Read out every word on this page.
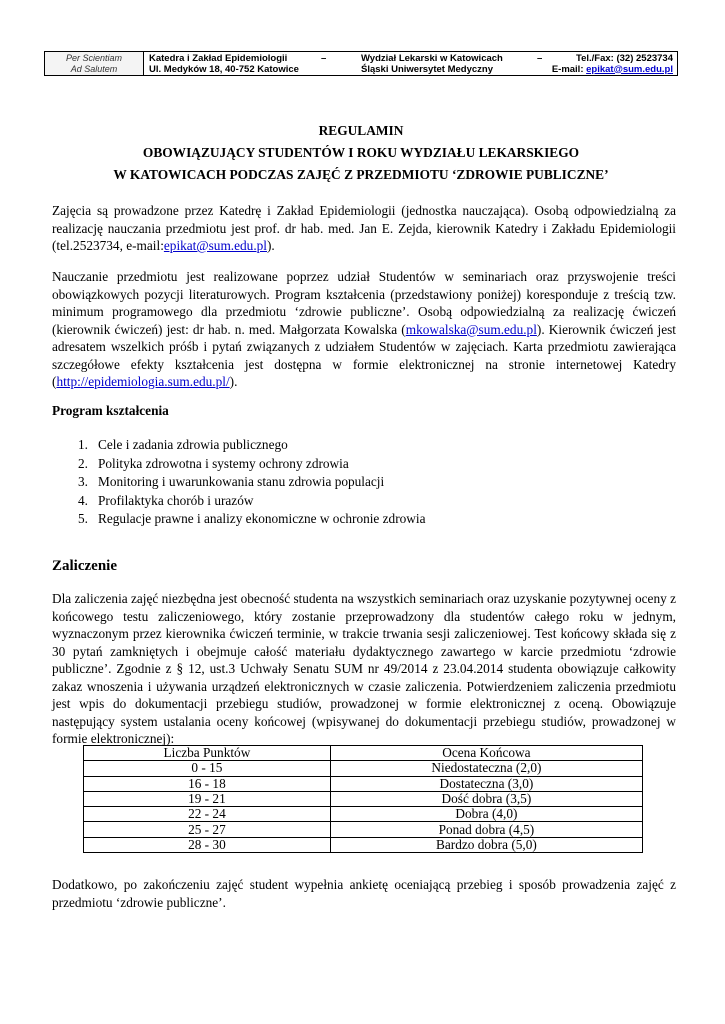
Per Scientiam
Ad Salutem
Katedra i Zakład Epidemiologii	–	Wydział Lekarski w Katowicach	–	Tel./Fax: (32) 2523734
Ul. Medyków 18, 40-752 Katowice	Śląski Uniwersytet Medyczny	E-mail: epikat@sum.edu.pl
REGULAMIN
OBOWIĄZUJĄCY STUDENTÓW I ROKU WYDZIAŁU LEKARSKIEGO
W KATOWICACH PODCZAS ZAJĘĆ Z PRZEDMIOTU ‘ZDROWIE PUBLICZNE’

Zajęcia są prowadzone przez Katedrę i Zakład Epidemiologii (jednostka nauczająca). Osobą odpowiedzialną za realizację nauczania przedmiotu jest prof. dr hab. med. Jan E. Zejda, kierownik Katedry i Zakładu Epidemiologii (tel.2523734, e-mail:epikat@sum.edu.pl).

Nauczanie przedmiotu jest realizowane poprzez udział Studentów w seminariach oraz przyswojenie treści obowiązkowych pozycji literaturowych. Program kształcenia (przedstawiony poniżej) koresponduje z treścią tzw. minimum programowego dla przedmiotu ‘zdrowie publiczne’. Osobą odpowiedzialną za realizację ćwiczeń (kierownik ćwiczeń) jest: dr hab. n. med. Małgorzata Kowalska (mkowalska@sum.edu.pl). Kierownik ćwiczeń jest adresatem wszelkich próśb i pytań związanych z udziałem Studentów w zajęciach. Karta przedmiotu zawierająca szczegółowe efekty kształcenia jest dostępna w formie elektronicznej na stronie internetowej Katedry (http://epidemiologia.sum.edu.pl/).

Program kształcenia
1. Cele i zadania zdrowia publicznego
2. Polityka zdrowotna i systemy ochrony zdrowia
3. Monitoring i uwarunkowania stanu zdrowia populacji
4. Profilaktyka chorób i urazów
5. Regulacje prawne i analizy ekonomiczne w ochronie zdrowia
Zaliczenie

Dla zaliczenia zajęć niezbędna jest obecność studenta na wszystkich seminariach oraz uzyskanie pozytywnej oceny z końcowego testu zaliczeniowego, który zostanie przeprowadzony dla studentów całego roku w jednym, wyznaczonym przez kierownika ćwiczeń terminie, w trakcie trwania sesji zaliczeniowej. Test końcowy składa się z 30 pytań zamkniętych i obejmuje całość materiału dydaktycznego zawartego w karcie przedmiotu ‘zdrowie publiczne’. Zgodnie z § 12, ust.3 Uchwały Senatu SUM nr 49/2014 z 23.04.2014 studenta obowiązuje całkowity zakaz wnoszenia i używania urządzeń elektronicznych w czasie zaliczenia. Potwierdzeniem zaliczenia przedmiotu jest wpis do dokumentacji przebiegu studiów, prowadzonej w formie elektronicznej z oceną. Obowiązuje następujący system ustalania oceny końcowej (wpisywanej do dokumentacji przebiegu studiów, prowadzonej w formie elektronicznej):

Liczba Punktów	Ocena Końcowa
0 - 15	Niedostateczna (2,0)
16 - 18	Dostateczna (3,0)
19 - 21	Dość dobra (3,5)
22 - 24	Dobra (4,0)
25 - 27	Ponad dobra (4,5)
28 - 30	Bardzo dobra (5,0)

Dodatkowo, po zakończeniu zajęć student wypełnia ankietę oceniającą przebieg i sposób prowadzenia zajęć z przedmiotu ‘zdrowie publiczne’.
